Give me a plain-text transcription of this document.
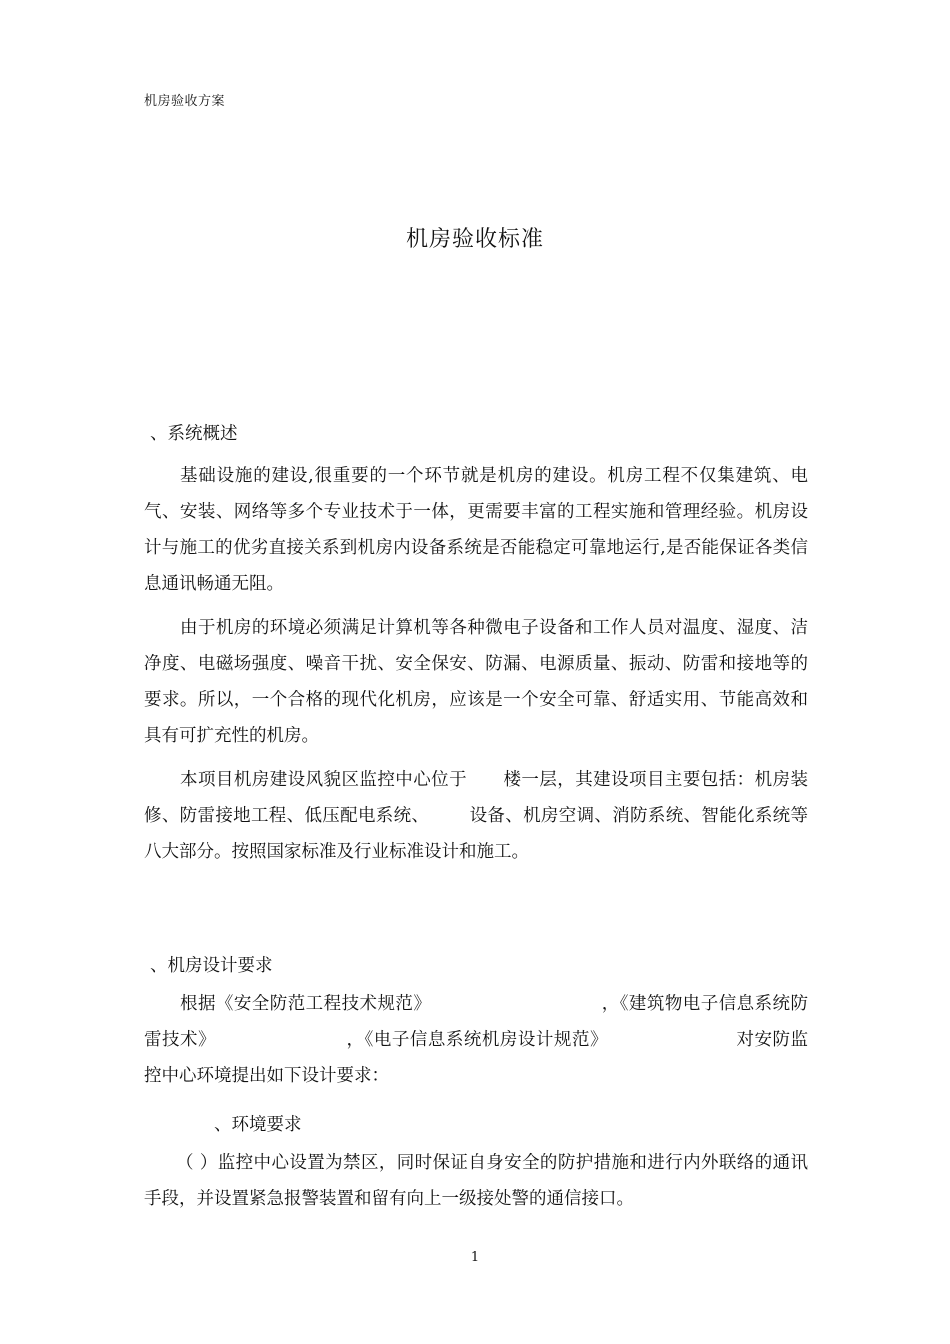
机房验收方案
机房验收标准
、系统概述

基础设施的建设,很重要的一个环节就是机房的建设。机房工程不仅集建筑、电气、安装、网络等多个专业技术于一体，更需要丰富的工程实施和管理经验。机房设计与施工的优劣直接关系到机房内设备系统是否能稳定可靠地运行,是否能保证各类信息通讯畅通无阻。

由于机房的环境必须满足计算机等各种微电子设备和工作人员对温度、湿度、洁净度、电磁场强度、噪音干扰、安全保安、防漏、电源质量、振动、防雷和接地等的要求。所以，一个合格的现代化机房，应该是一个安全可靠、舒适实用、节能高效和具有可扩充性的机房。

本项目机房建设风貌区监控中心位于 楼一层，其建设项目主要包括：机房装修、防雷接地工程、低压配电系统、 设备、机房空调、消防系统、智能化系统等八大部分。按照国家标准及行业标准设计和施工。

、机房设计要求

根据《安全防范工程技术规范》	，《建筑物电子信息系统防雷技术》	，《电子信息系统机房设计规范》	对安防监控中心环境提出如下设计要求：

、环境要求

（ ）监控中心设置为禁区，同时保证自身安全的防护措施和进行内外联络的通讯手段，并设置紧急报警装置和留有向上一级接处警的通信接口。

1
